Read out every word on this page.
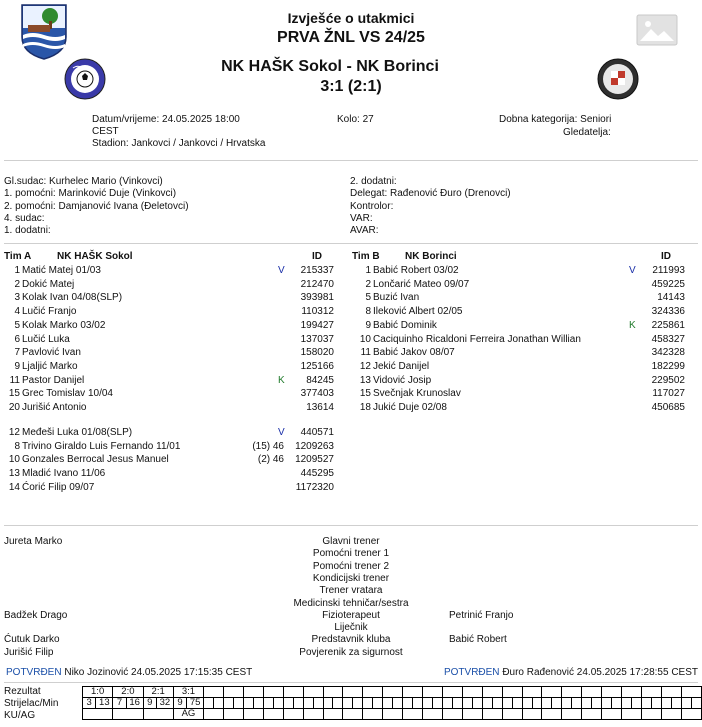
Izvješće o utakmici
PRVA ŽNL VS 24/25
NK HAŠK Sokol - NK Borinci
3:1 (2:1)
Datum/vrijeme: 24.05.2025 18:00
CEST
Stadion: Jankovci / Jankovci / Hrvatska
Kolo: 27	Dobna kategorija: Seniori
Gledatelja:
Gl.sudac: Kurhelec Mario (Vinkovci)
1. pomoćni: Marinković Duje (Vinkovci)
2. pomoćni: Damjanović Ivana (Đeletovci)
4. sudac:
1. dodatni:
2. dodatni:
Delegat: Rađenović Đuro (Drenovci)
Kontrolor:
VAR:
AVAR:
Tim A	NK HAŠK Sokol	ID	Tim B	NK Borinci	ID
1 Matić Matej 01/03	V 215337
2 Dokić Matej	212470
3 Kolak Ivan 04/08(SLP)	393981
4 Lučić Franjo	110312
5 Kolak Marko 03/02	199427
6 Lučić Luka	137037
7 Pavlović Ivan	158020
9 Ljaljić Marko	125166
11 Pastor Danijel	K 84245
15 Grec Tomislav 10/04	377403
20 Jurišić Antonio	13614
12 Međeši Luka 01/08(SLP)	V 440571
8 Trivino Giraldo Luis Fernando 11/01	(15) 46 1209263
10 Gonzales Berrocal Jesus Manuel	(2) 46 1209527
13 Mladić Ivano 11/06	445295
14 Ćorić Filip 09/07	1172320
1 Babić Robert 03/02	V 211993
2 Lončarić Mateo 09/07	459225
5 Buzić Ivan	14143
8 Ileković Albert 02/05	324336
9 Babić Dominik	K 225861
10 Caciquinho Ricaldoni Ferreira Jonathan Willian	458327
11 Babić Jakov 08/07	342328
12 Jekić Danijel	182299
13 Vidović Josip	229502
15 Svečnjak Krunoslav	117027
18 Jukić Duje 02/08	450685
Glavni trener
Jureta Marko
Pomoćni trener 1
Pomoćni trener 2
Kondicijski trener
Trener vratara
Medicinski tehničar/sestra
Fizioterapeut
Badžek Drago	Petrinić Franjo
Liječnik
Predstavnik kluba
Ćutuk Darko	Babić Robert
Povjerenik za sigurnost
Jurišić Filip
POTVRĐEN Niko Jozinović 24.05.2025 17:15:35 CEST	POTVRĐEN Đuro Rađenović 24.05.2025 17:28:55 CEST
Rezultat
Strijelac/Min
KU/AG
1:0		2:0		2:1		3:1																																																			
3	13	7	16	9	32	9	75																																																		
						AG																																																			
